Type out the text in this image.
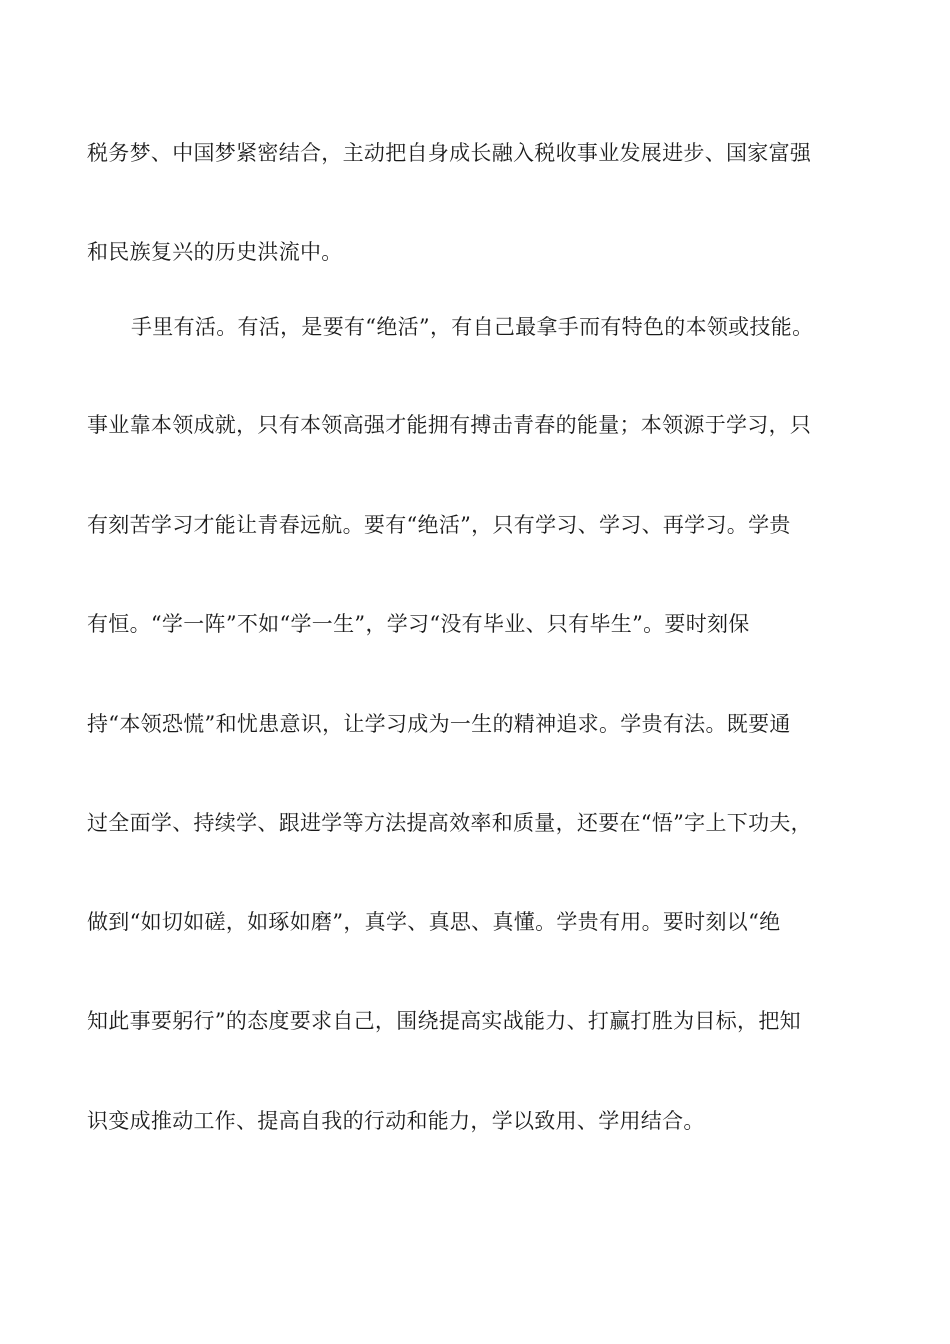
税务梦、中国梦紧密结合，主动把自身成长融入税收事业发展进步、国家富强
和民族复兴的历史洪流中。
手里有活。有活，是要有“绝活”，有自己最拿手而有特色的本领或技能。
事业靠本领成就，只有本领高强才能拥有搏击青春的能量；本领源于学习，只
有刻苦学习才能让青春远航。要有“绝活”，只有学习、学习、再学习。学贵
有恒。“学一阵”不如“学一生”，学习“没有毕业、只有毕生”。要时刻保
持“本领恐慌”和忧患意识，让学习成为一生的精神追求。学贵有法。既要通
过全面学、持续学、跟进学等方法提高效率和质量，还要在“悟”字上下功夫，
做到“如切如磋，如琢如磨”，真学、真思、真懂。学贵有用。要时刻以“绝
知此事要躬行”的态度要求自己，围绕提高实战能力、打赢打胜为目标，把知
识变成推动工作、提高自我的行动和能力，学以致用、学用结合。
